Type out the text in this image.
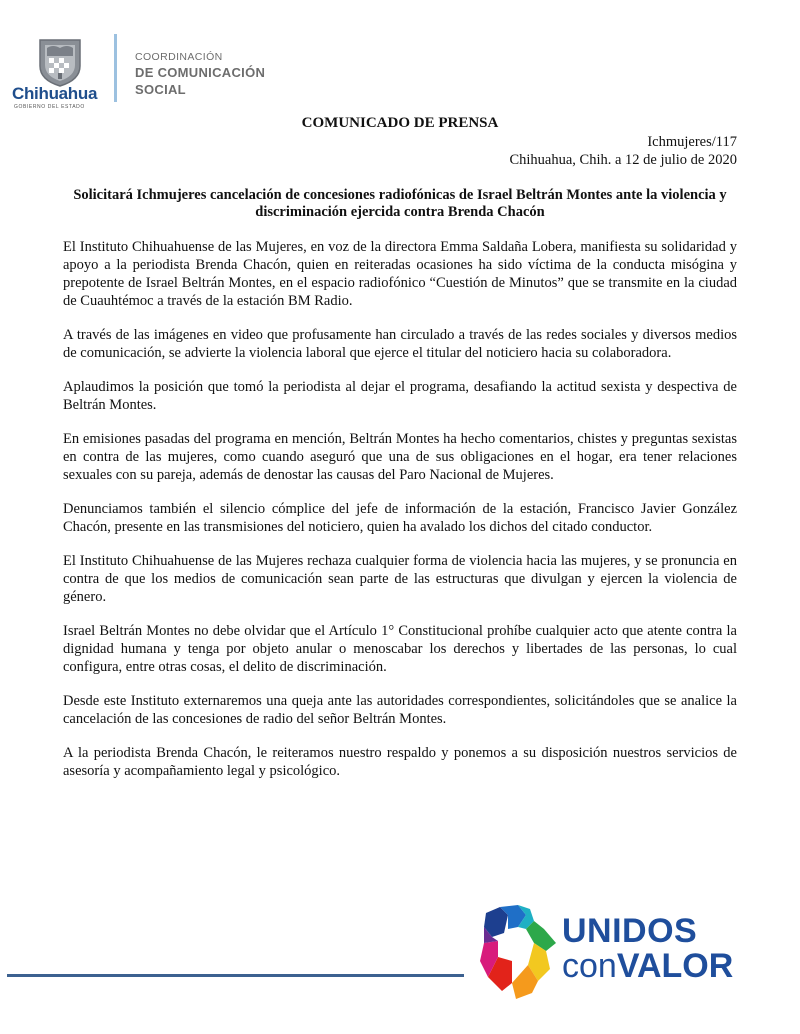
Chihuahua
GOBIERNO DEL ESTADO
COORDINACIÓN
DE COMUNICACIÓN
SOCIAL
COMUNICADO DE PRENSA
Ichmujeres/117
Chihuahua, Chih. a 12 de julio de 2020
Solicitará Ichmujeres cancelación de concesiones radiofónicas de Israel Beltrán Montes ante la violencia y discriminación ejercida contra Brenda Chacón

El Instituto Chihuahuense de las Mujeres, en voz de la directora Emma Saldaña Lobera, manifiesta su solidaridad y apoyo a la periodista Brenda Chacón, quien en reiteradas ocasiones ha sido víctima de la conducta misógina y prepotente de Israel Beltrán Montes, en el espacio radiofónico “Cuestión de Minutos” que se transmite en la ciudad de Cuauhtémoc a través de la estación BM Radio.

A través de las imágenes en video que profusamente han circulado a través de las redes sociales y diversos medios de comunicación, se advierte la violencia laboral que ejerce el titular del noticiero hacia su colaboradora.

Aplaudimos la posición que tomó la periodista al dejar el programa, desafiando la actitud sexista y despectiva de Beltrán Montes.

En emisiones pasadas del programa en mención, Beltrán Montes ha hecho comentarios, chistes y preguntas sexistas en contra de las mujeres, como cuando aseguró que una de sus obligaciones en el hogar, era tener relaciones sexuales con su pareja, además de denostar las causas del Paro Nacional de Mujeres.

Denunciamos también el silencio cómplice del jefe de información de la estación, Francisco Javier González Chacón, presente en las transmisiones del noticiero, quien ha avalado los dichos del citado conductor.

El Instituto Chihuahuense de las Mujeres rechaza cualquier forma de violencia hacia las mujeres, y se pronuncia en contra de que los medios de comunicación sean parte de las estructuras que divulgan y ejercen la violencia de género.

Israel Beltrán Montes no debe olvidar que el Artículo 1° Constitucional prohíbe cualquier acto que atente contra la dignidad humana y tenga por objeto anular o menoscabar los derechos y libertades de las personas, lo cual configura, entre otras cosas, el delito de discriminación.

Desde este Instituto externaremos una queja ante las autoridades correspondientes, solicitándoles que se analice la cancelación de las concesiones de radio del señor Beltrán Montes.

A la periodista Brenda Chacón, le reiteramos nuestro respaldo y ponemos a su disposición nuestros servicios de asesoría y acompañamiento legal y psicológico.

UNIDOS
conVALOR
